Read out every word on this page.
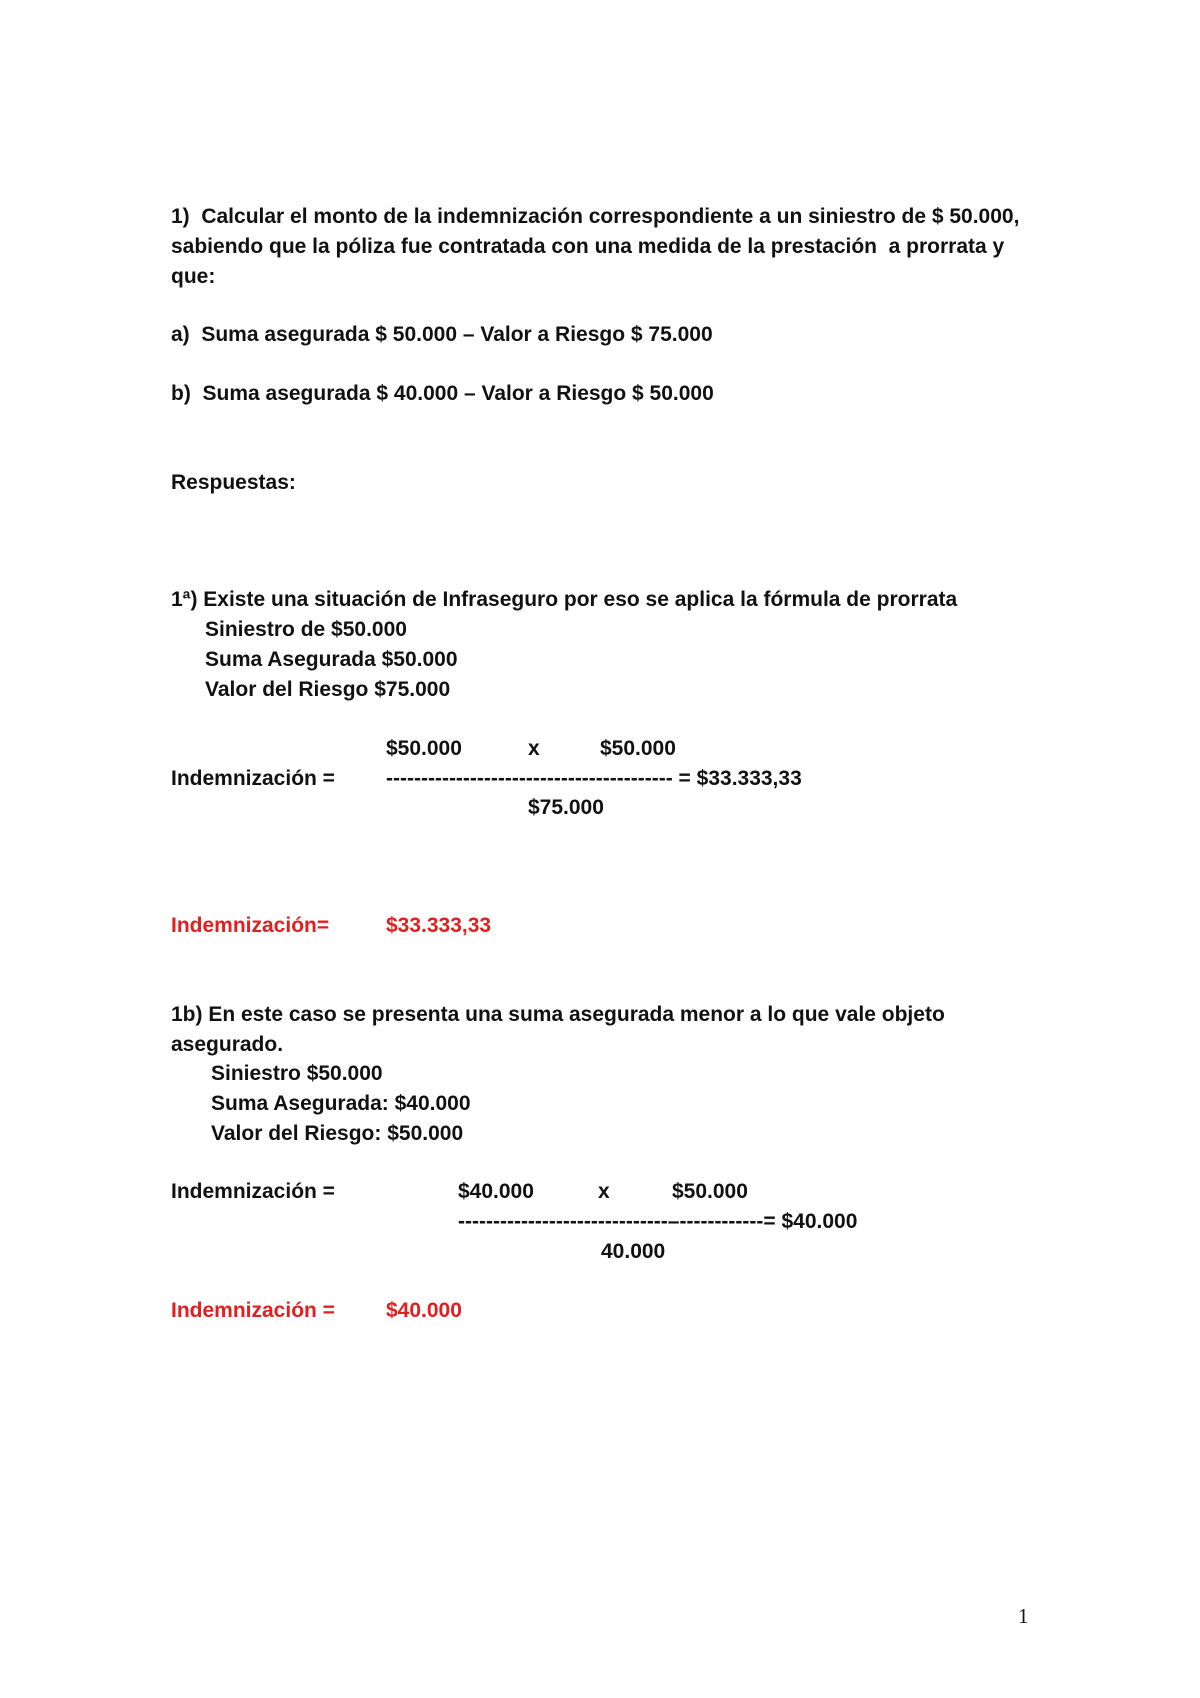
1)  Calcular el monto de la indemnización correspondiente a un siniestro de $ 50.000,
sabiendo que la póliza fue contratada con una medida de la prestación  a prorrata y
que:
a)  Suma asegurada $ 50.000 – Valor a Riesgo $ 75.000
b)  Suma asegurada $ 40.000 – Valor a Riesgo $ 50.000
Respuestas:
1ª) Existe una situación de Infraseguro por eso se aplica la fórmula de prorrata
Siniestro de $50.000
Suma Asegurada $50.000
Valor del Riesgo $75.000
$50.000	x	$50.000
Indemnización = ----------------------------------------- = $33.333,33
$75.000
Indemnización=	$33.333,33
1b) En este caso se presenta una suma asegurada menor a lo que vale objeto
asegurado.
Siniestro $50.000
Suma Asegurada: $40.000
Valor del Riesgo: $50.000
Indemnización =	$40.000	x	$50.000
------------------------------–------------= $40.000
40.000
Indemnización = $40.000
1
